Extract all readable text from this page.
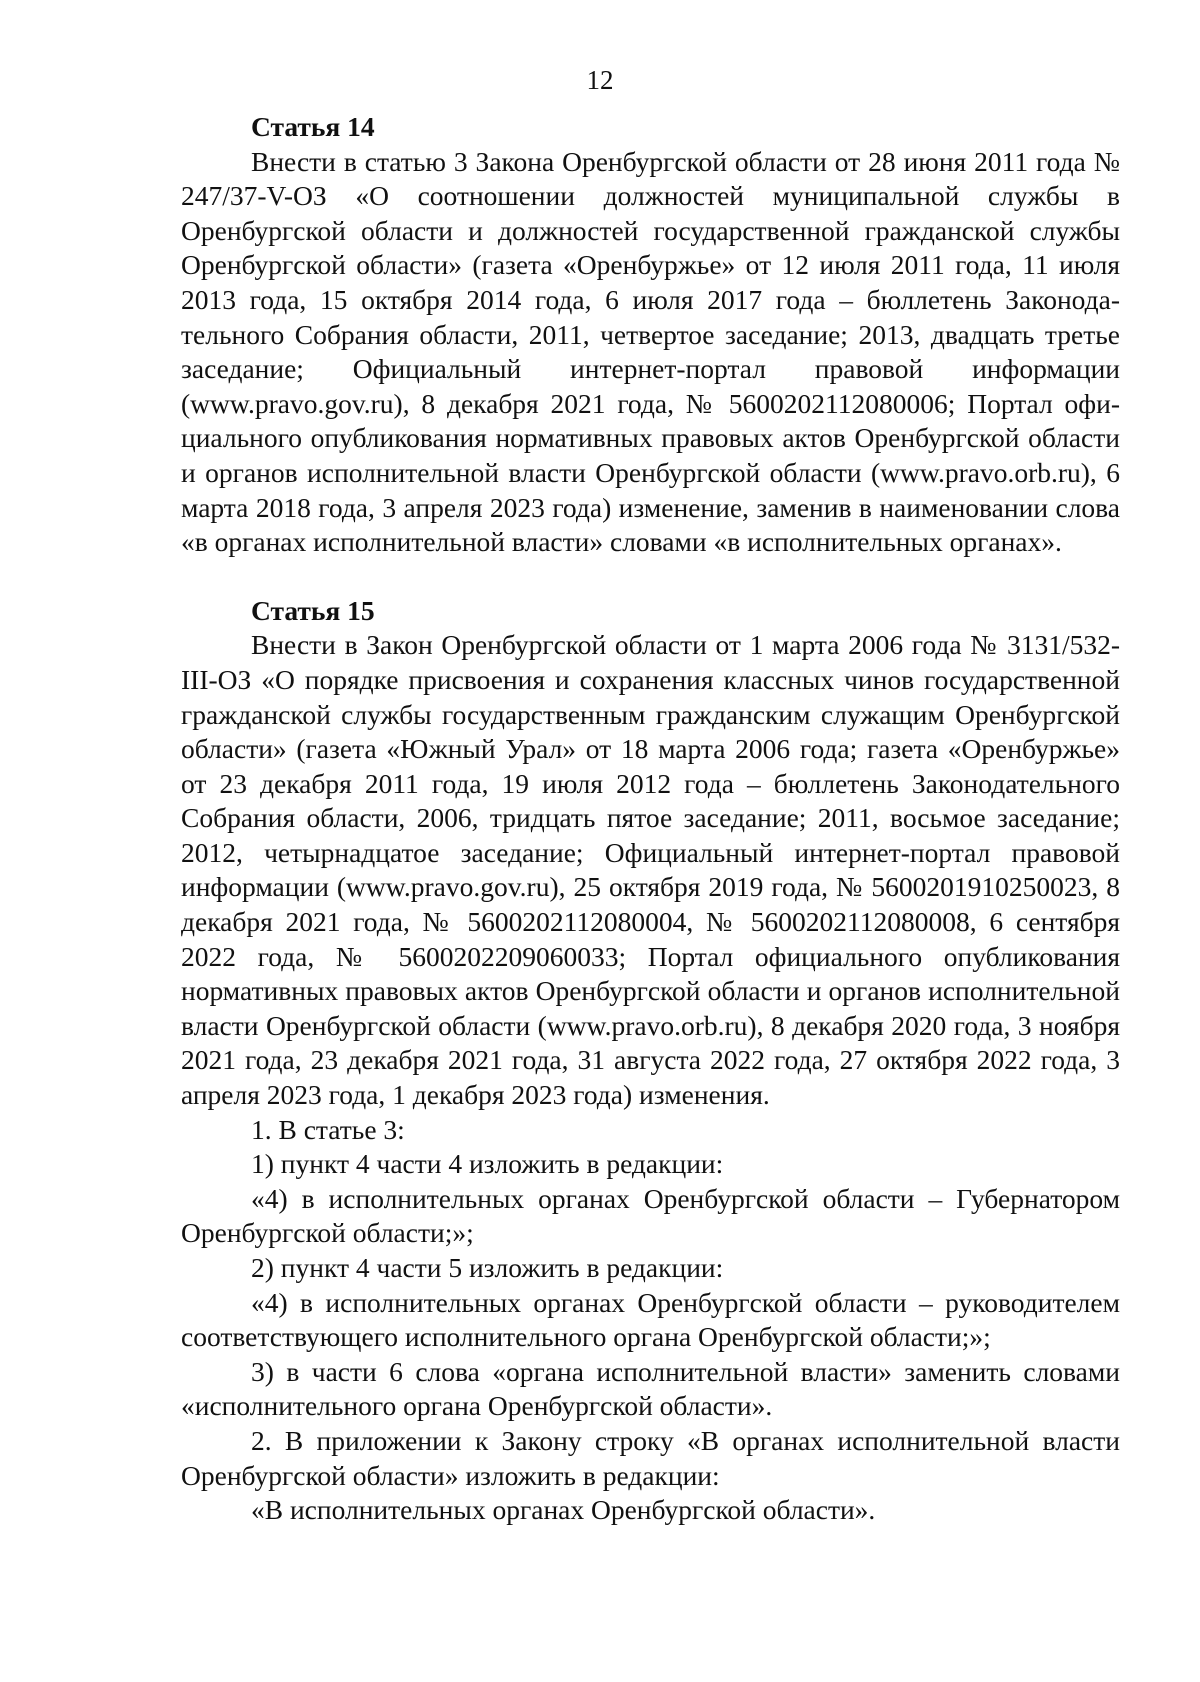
12

Статья 14

Внести в статью 3 Закона Оренбургской области от 28 июня 2011 года № 247/37-V-ОЗ «О соотношении должностей муниципальной службы в Оренбургской области и должностей государственной гражданской службы Оренбургской области» (газета «Оренбуржье» от 12 июля 2011 года, 11 июля 2013 года, 15 октября 2014 года, 6 июля 2017 года – бюллетень Законодательного Собрания области, 2011, четвертое заседание; 2013, двадцать третье заседание; Официальный интернет-портал правовой информации (www.pravo.gov.ru), 8 декабря 2021 года, № 5600202112080006; Портал официального опубликования нормативных правовых актов Оренбургской области и органов исполнительной власти Оренбургской области (www.pravo.orb.ru), 6 марта 2018 года, 3 апреля 2023 года) изменение, заменив в наименовании слова «в органах исполнительной власти» словами «в исполнительных органах».

Статья 15

Внести в Закон Оренбургской области от 1 марта 2006 года № 3131/532-III-ОЗ «О порядке присвоения и сохранения классных чинов государственной гражданской службы государственным гражданским служащим Оренбургской области» (газета «Южный Урал» от 18 марта 2006 года; газета «Оренбуржье» от 23 декабря 2011 года, 19 июля 2012 года – бюллетень Законодательного Собрания области, 2006, тридцать пятое заседание; 2011, восьмое заседание; 2012, четырнадцатое заседание; Официальный интернет-портал правовой информации (www.pravo.gov.ru), 25 октября 2019 года, № 5600201910250023, 8 декабря 2021 года, № 5600202112080004, № 5600202112080008, 6 сентября 2022 года, № 5600202209060033; Портал официального опубликования нормативных правовых актов Оренбургской области и органов исполнительной власти Оренбургской области (www.pravo.orb.ru), 8 декабря 2020 года, 3 ноября 2021 года, 23 декабря 2021 года, 31 августа 2022 года, 27 октября 2022 года, 3 апреля 2023 года, 1 декабря 2023 года) изменения.

1. В статье 3:

1) пункт 4 части 4 изложить в редакции:

«4) в исполнительных органах Оренбургской области – Губернатором Оренбургской области;»;

2) пункт 4 части 5 изложить в редакции:

«4) в исполнительных органах Оренбургской области – руководителем соответствующего исполнительного органа Оренбургской области;»;

3) в части 6 слова «органа исполнительной власти» заменить словами «исполнительного органа Оренбургской области».

2. В приложении к Закону строку «В органах исполнительной власти Оренбургской области» изложить в редакции:

«В исполнительных органах Оренбургской области».
